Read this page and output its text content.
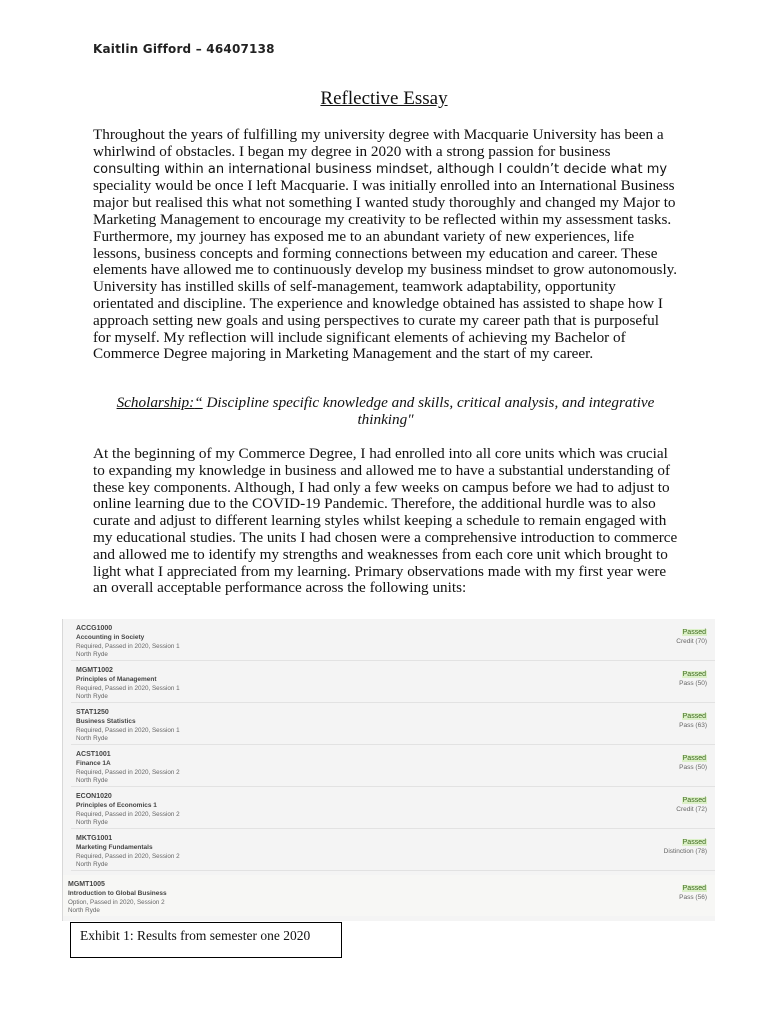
Kaitlin Gifford – 46407138
Reflective Essay

Throughout the years of fulfilling my university degree with Macquarie University has been a whirlwind of obstacles. I began my degree in 2020 with a strong passion for business consulting within an international business mindset, although I couldn’t decide what my speciality would be once I left Macquarie. I was initially enrolled into an International Business major but realised this what not something I wanted study thoroughly and changed my Major to Marketing Management to encourage my creativity to be reflected within my assessment tasks. Furthermore, my journey has exposed me to an abundant variety of new experiences, life lessons, business concepts and forming connections between my education and career. These elements have allowed me to continuously develop my business mindset to grow autonomously. University has instilled skills of self-management, teamwork adaptability, opportunity orientated and discipline. The experience and knowledge obtained has assisted to shape how I approach setting new goals and using perspectives to curate my career path that is purposeful for myself. My reflection will include significant elements of achieving my Bachelor of Commerce Degree majoring in Marketing Management and the start of my career.

Scholarship:“ Discipline specific knowledge and skills, critical analysis, and integrative thinking″

At the beginning of my Commerce Degree, I had enrolled into all core units which was crucial to expanding my knowledge in business and allowed me to have a substantial understanding of these key components. Although, I had only a few weeks on campus before we had to adjust to online learning due to the COVID-19 Pandemic. Therefore, the additional hurdle was to also curate and adjust to different learning styles whilst keeping a schedule to remain engaged with my educational studies. The units I had chosen were a comprehensive introduction to commerce and allowed me to identify my strengths and weaknesses from each core unit which brought to light what I appreciated from my learning. Primary observations made with my first year were an overall acceptable performance across the following units:

ACCG1000
Accounting in Society
Required, Passed in 2020, Session 1
North Ryde
Passed
Credit (70)
MGMT1002
Principles of Management
Required, Passed in 2020, Session 1
North Ryde
Passed
Pass (50)
STAT1250
Business Statistics
Required, Passed in 2020, Session 1
North Ryde
Passed
Pass (63)
ACST1001
Finance 1A
Required, Passed in 2020, Session 2
North Ryde
Passed
Pass (50)
ECON1020
Principles of Economics 1
Required, Passed in 2020, Session 2
North Ryde
Passed
Credit (72)
MKTG1001
Marketing Fundamentals
Required, Passed in 2020, Session 2
North Ryde
Passed
Distinction (78)
MGMT1005
Introduction to Global Business
Option, Passed in 2020, Session 2
North Ryde
Passed
Pass (56)
Exhibit 1: Results from semester one 2020
